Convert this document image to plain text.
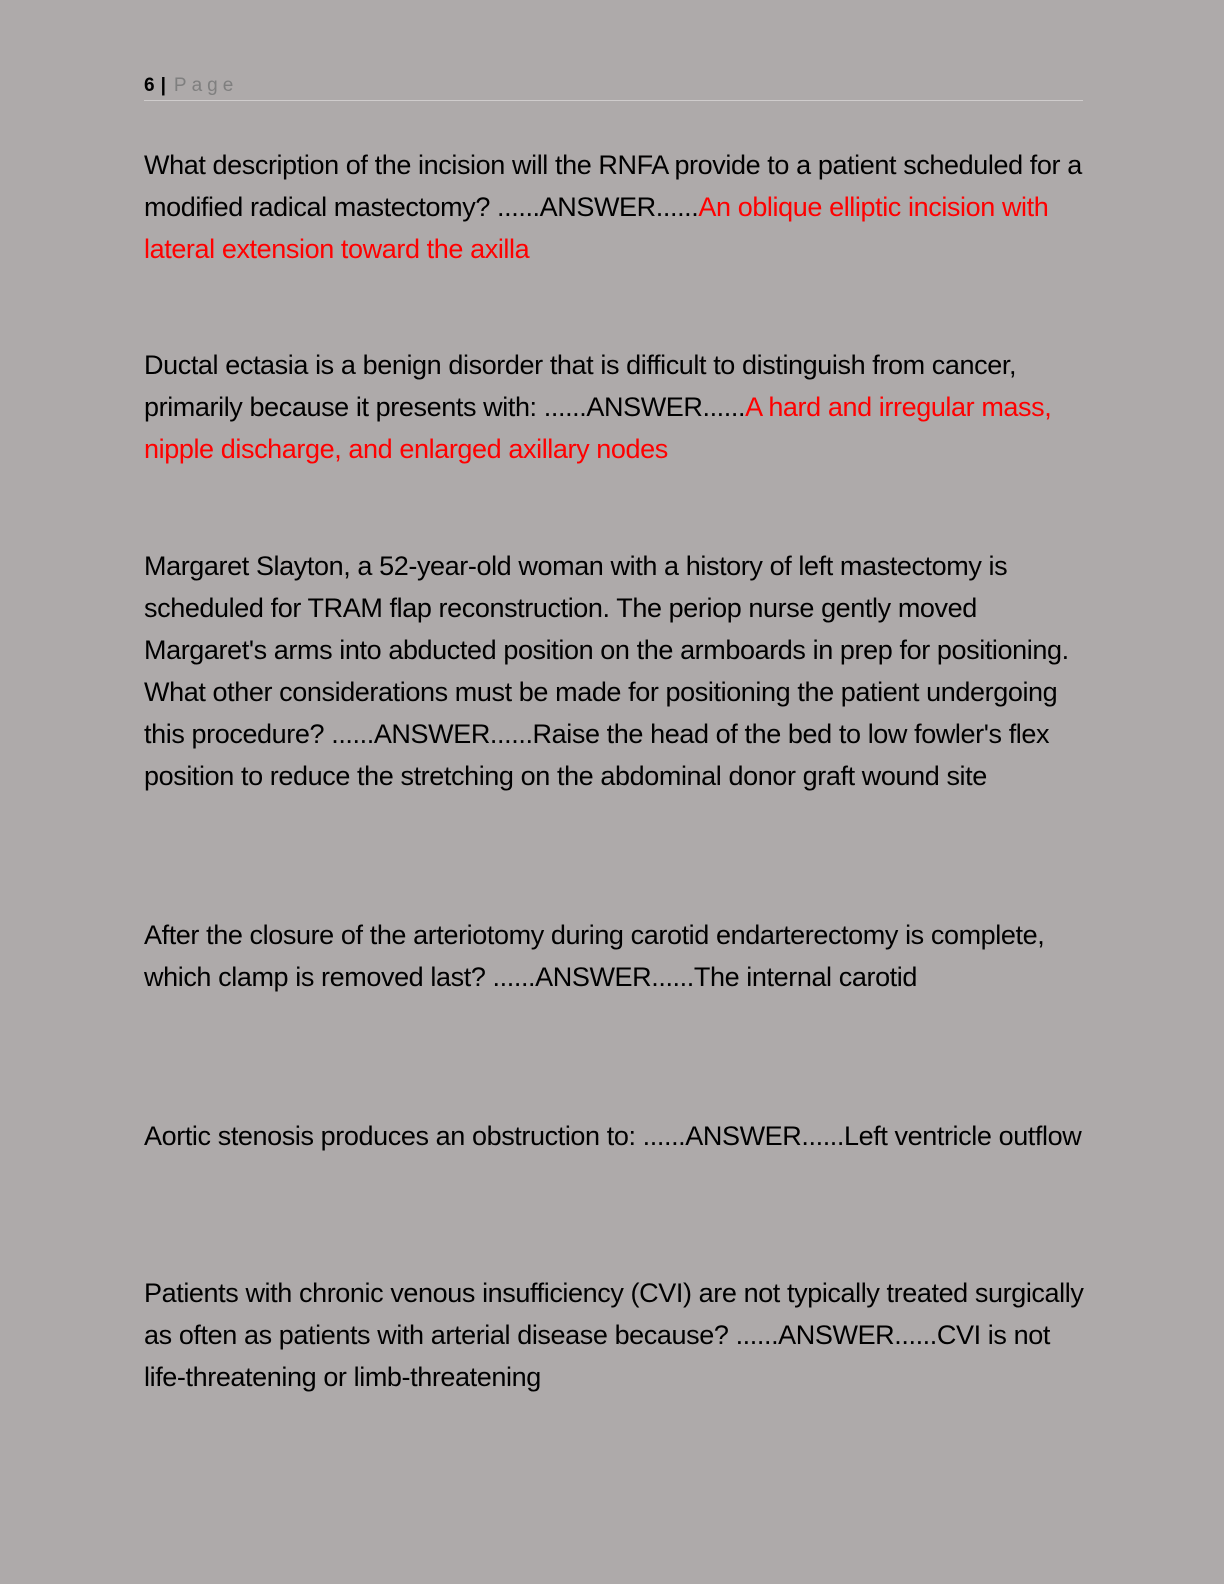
6 | Page

What description of the incision will the RNFA provide to a patient scheduled for a modified radical mastectomy? ......ANSWER......An oblique elliptic incision with lateral extension toward the axilla

Ductal ectasia is a benign disorder that is difficult to distinguish from cancer, primarily because it presents with: ......ANSWER......A hard and irregular mass, nipple discharge, and enlarged axillary nodes

Margaret Slayton, a 52-year-old woman with a history of left mastectomy is scheduled for TRAM flap reconstruction. The periop nurse gently moved Margaret's arms into abducted position on the armboards in prep for positioning. What other considerations must be made for positioning the patient undergoing this procedure? ......ANSWER......Raise the head of the bed to low fowler's flex position to reduce the stretching on the abdominal donor graft wound site

After the closure of the arteriotomy during carotid endarterectomy is complete, which clamp is removed last? ......ANSWER......The internal carotid

Aortic stenosis produces an obstruction to: ......ANSWER......Left ventricle outflow

Patients with chronic venous insufficiency (CVI) are not typically treated surgically as often as patients with arterial disease because? ......ANSWER......CVI is not life-threatening or limb-threatening
